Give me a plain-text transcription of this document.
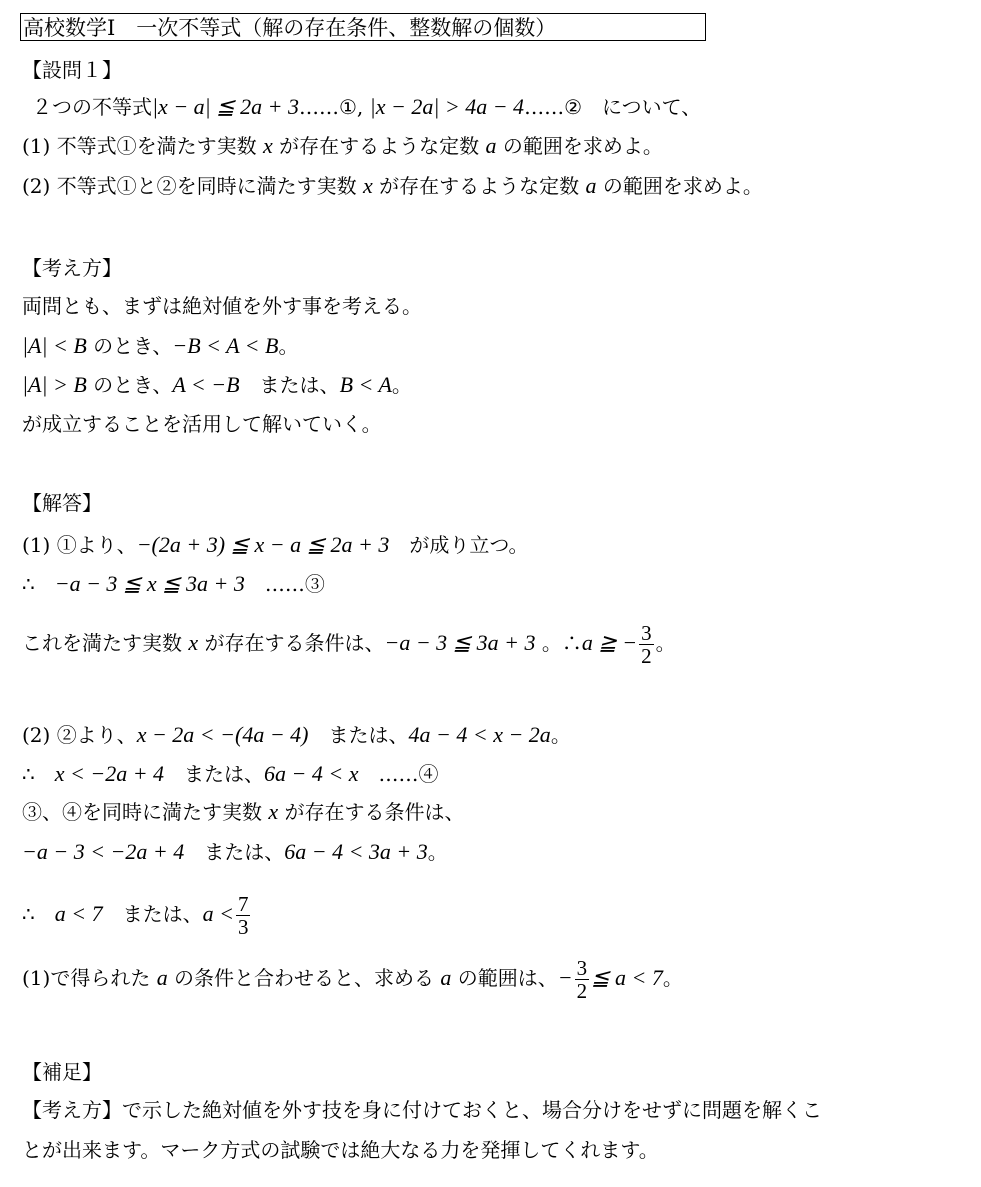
高校数学Ⅰ　一次不等式（解の存在条件、整数解の個数）
【設問１】
２つの不等式|x − a| ≦ 2a + 3……①, |x − 2a| > 4a − 4……②　について、
(1) 不等式①を満たす実数 x が存在するような定数 a の範囲を求めよ。
(2) 不等式①と②を同時に満たす実数 x が存在するような定数 a の範囲を求めよ。
【考え方】
両問とも、まずは絶対値を外す事を考える。
|A| < B のとき、−B < A < B。
|A| > B のとき、A < −B　または、B < A。
が成立することを活用して解いていく。
【解答】
(1) ①より、−(2a + 3) ≦ x − a ≦ 2a + 3　が成り立つ。
∴　−a − 3 ≦ x ≦ 3a + 3　……③
これを満たす実数 x が存在する条件は、−a − 3 ≦ 3a + 3 。∴a ≧ − $\frac{3}{2}$ 。
(2) ②より、x − 2a < −(4a − 4)　または、4a − 4 < x − 2a。
∴　x < −2a + 4　または、6a − 4 < x　……④
③、④を同時に満たす実数 x が存在する条件は、
−a − 3 < −2a + 4　または、6a − 4 < 3a + 3。
∴　a < 7　または、$a < \frac{7}{3}$
(1)で得られた a の条件と合わせると、求める a の範囲は、− $\frac{3}{2}$ ≦ a < 7。
【補足】
【考え方】で示した絶対値を外す技を身に付けておくと、場合分けをせずに問題を解くこ
とが出来ます。マーク方式の試験では絶大なる力を発揮してくれます。
